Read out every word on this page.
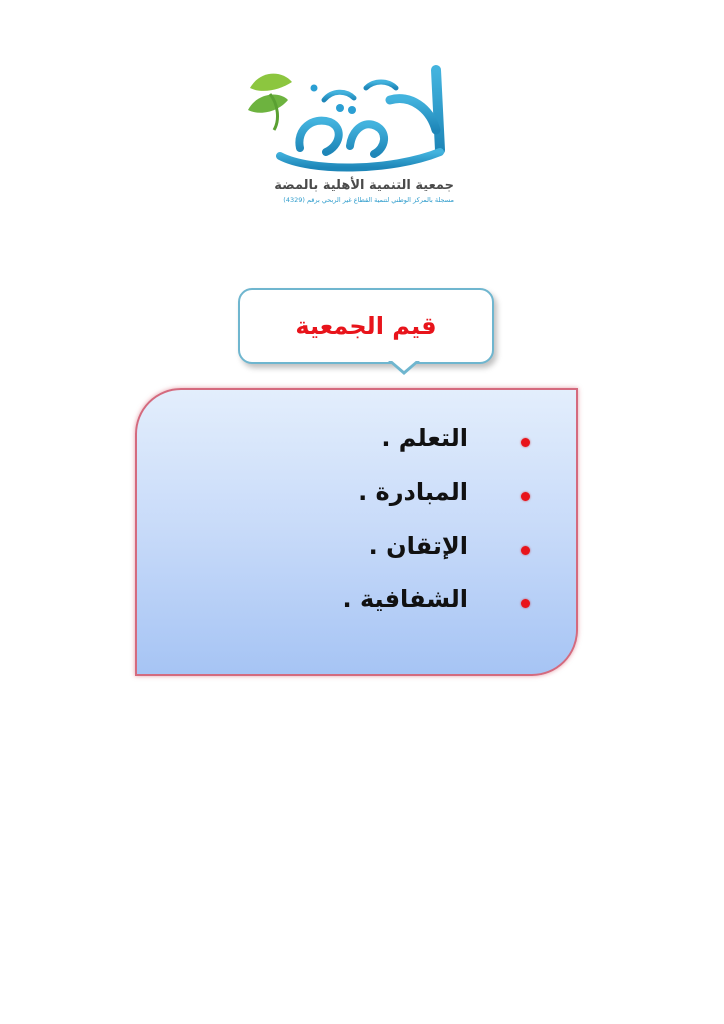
جمعية التنمية الأهلية بالمضة
مسجلة بالمركز الوطني لتنمية القطاع غير الربحي برقم (4329)
قيم الجمعية
التعلم .
المبادرة .
الإتقان .
الشفافية .
